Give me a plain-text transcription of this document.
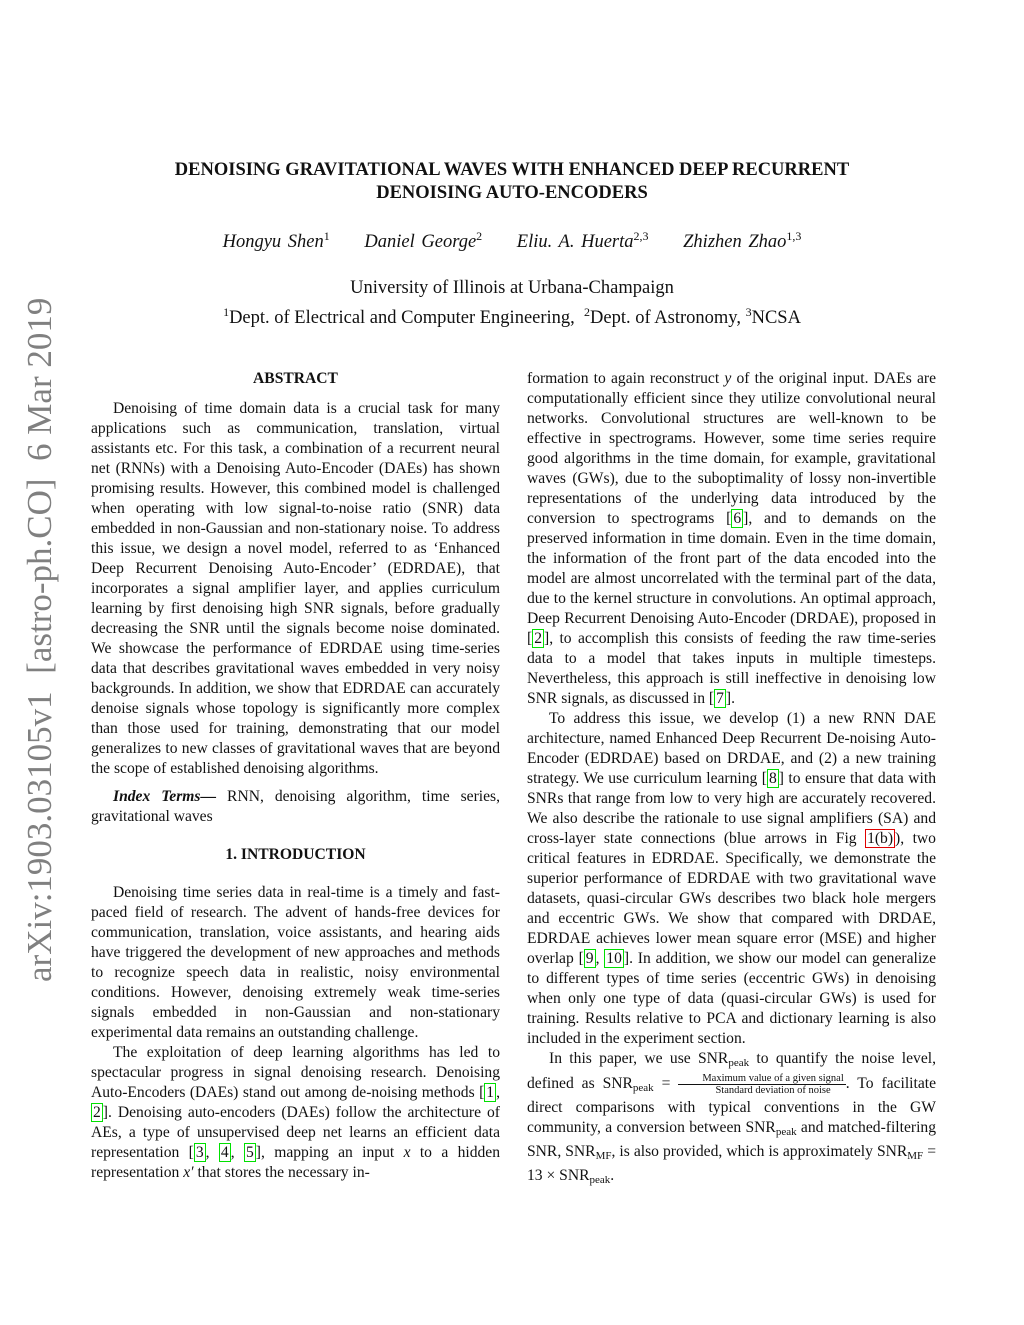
DENOISING GRAVITATIONAL WAVES WITH ENHANCED DEEP RECURRENT
DENOISING AUTO-ENCODERS
Hongyu Shen$^1$ Daniel George$^2$ Eliu. A. Huerta$^{2,3}$ Zhizhen Zhao$^{1,3}$
University of Illinois at Urbana-Champaign
$^1$Dept. of Electrical and Computer Engineering, $^2$Dept. of Astronomy, $^3$NCSA
arXiv:1903.03105v1  [astro-ph.CO]  6 Mar 2019	ABSTRACT

Denoising of time domain data is a crucial task for many applications such as communication, translation, virtual assistants etc. For this task, a combination of a recurrent neural net (RNNs) with a Denoising Auto-Encoder (DAEs) has shown promising results. However, this combined model is challenged when operating with low signal-to-noise ratio (SNR) data embedded in non-Gaussian and non-stationary noise. To address this issue, we design a novel model, referred to as ‘Enhanced Deep Recurrent Denoising Auto-Encoder’ (EDRDAE), that incorporates a signal amplifier layer, and applies curriculum learning by first denoising high SNR signals, before gradually decreasing the SNR until the signals become noise dominated. We showcase the performance of EDRDAE using time-series data that describes gravitational waves embedded in very noisy backgrounds. In addition, we show that EDRDAE can accurately denoise signals whose topology is significantly more complex than those used for training, demonstrating that our model generalizes to new classes of gravitational waves that are beyond the scope of established denoising algorithms.

Index Terms— RNN, denoising algorithm, time series, gravitational waves

1. INTRODUCTION

Denoising time series data in real-time is a timely and fast-paced field of research. The advent of hands-free devices for communication, translation, voice assistants, and hearing aids have triggered the development of new approaches and methods to recognize speech data in realistic, noisy environmental conditions. However, denoising extremely weak time-series signals embedded in non-Gaussian and non-stationary experimental data remains an outstanding challenge.

The exploitation of deep learning algorithms has led to spectacular progress in signal denoising research. Denoising Auto-Encoders (DAEs) stand out among de-noising methods [ 1 , 2 ]. Denoising auto-encoders (DAEs) follow the architecture of AEs, a type of unsupervised deep net learns an efficient data representation [ 3 , 4 , 5 ], mapping an input x to a hidden representation x′ that stores the necessary in-

formation to again reconstruct y of the original input. DAEs are computationally efficient since they utilize convolutional neural networks. Convolutional structures are well-known to be effective in spectrograms. However, some time series require good algorithms in the time domain, for example, gravitational waves (GWs), due to the suboptimality of lossy non-invertible representations of the underlying data introduced by the conversion to spectrograms [ 6 ], and to demands on the preserved information in time domain. Even in the time domain, the information of the front part of the data encoded into the model are almost uncorrelated with the terminal part of the data, due to the kernel structure in convolutions. An optimal approach, Deep Recurrent Denoising Auto-Encoder (DRDAE), proposed in [ 2 ], to accomplish this consists of feeding the raw time-series data to a model that takes inputs in multiple timesteps. Nevertheless, this approach is still ineffective in denoising low SNR signals, as discussed in [ 7 ].

To address this issue, we develop (1) a new RNN DAE architecture, named Enhanced Deep Recurrent De-noising Auto-Encoder (EDRDAE) based on DRDAE, and (2) a new training strategy. We use curriculum learning [ 8 ] to ensure that data with SNRs that range from low to very high are accurately recovered. We also describe the rationale to use signal amplifiers (SA) and cross-layer state connections (blue arrows in Fig 1(b) ), two critical features in EDRDAE. Specifically, we demonstrate the superior performance of EDRDAE with two gravitational wave datasets, quasi-circular GWs describes two black hole mergers and eccentric GWs. We show that compared with DRDAE, EDRDAE achieves lower mean square error (MSE) and higher overlap [ 9 , 10 ]. In addition, we show our model can generalize to different types of time series (eccentric GWs) in denoising when only one type of data (quasi-circular GWs) is used for training. Results relative to PCA and dictionary learning is also included in the experiment section.

In this paper, we use $SNR_{peak}$ to quantify the noise level, defined as $SNR_{peak} = \frac{\text{Maximum value of a given signal}}{\text{Standard deviation of noise}}$ . To facilitate direct comparisons with typical conventions in the GW community, a conversion between $SNR_{peak}$ and matched-filtering SNR, $SNR_{MF}$, is also provided, which is approximately $SNR_{MF} = 13 \times SNR_{peak}$.
